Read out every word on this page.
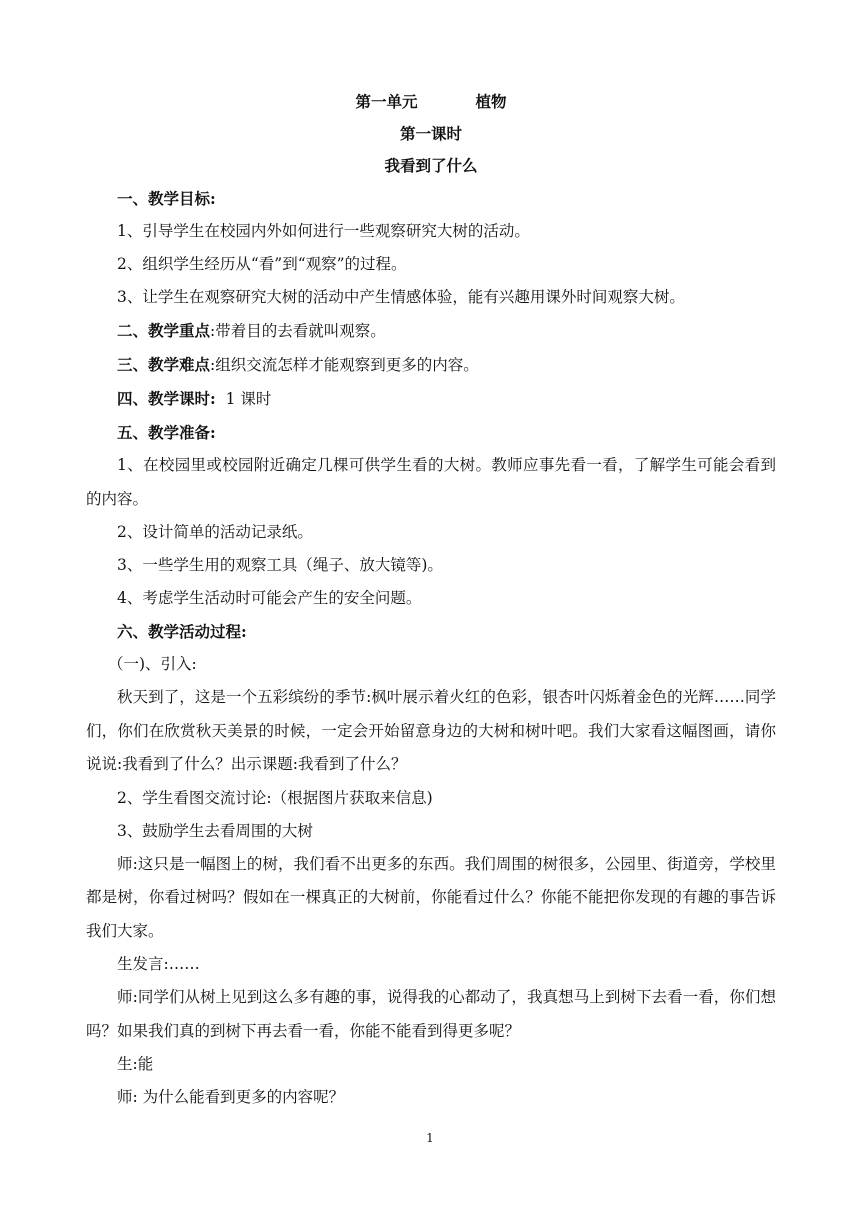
第一单元	植物

第一课时

我看到了什么

一、教学目标:

1、引导学生在校园内外如何进行一些观察研究大树的活动。

2、组织学生经历从“看”到“观察”的过程。

3、让学生在观察研究大树的活动中产生情感体验，能有兴趣用课外时间观察大树。

二、教学重点:带着目的去看就叫观察。

三、教学难点:组织交流怎样才能观察到更多的内容。

四、教学课时:  1 课时

五、教学准备:

1、在校园里或校园附近确定几棵可供学生看的大树。教师应事先看一看，了解学生可能会看到的内容。

2、设计简单的活动记录纸。

3、一些学生用的观察工具（绳子、放大镜等)。

4、考虑学生活动时可能会产生的安全问题。

六、教学活动过程:

（一)、引入:

秋天到了，这是一个五彩缤纷的季节:枫叶展示着火红的色彩，银杏叶闪烁着金色的光辉……同学们，你们在欣赏秋天美景的时候，一定会开始留意身边的大树和树叶吧。我们大家看这幅图画，请你说说:我看到了什么？出示课题:我看到了什么？

2、学生看图交流讨论:（根据图片获取来信息)

3、鼓励学生去看周围的大树

师:这只是一幅图上的树，我们看不出更多的东西。我们周围的树很多，公园里、街道旁，学校里都是树，你看过树吗？假如在一棵真正的大树前，你能看过什么？你能不能把你发现的有趣的事告诉我们大家。

生发言:……

师:同学们从树上见到这么多有趣的事，说得我的心都动了，我真想马上到树下去看一看，你们想吗？如果我们真的到树下再去看一看，你能不能看到得更多呢？

生:能

师: 为什么能看到更多的内容呢？

1
